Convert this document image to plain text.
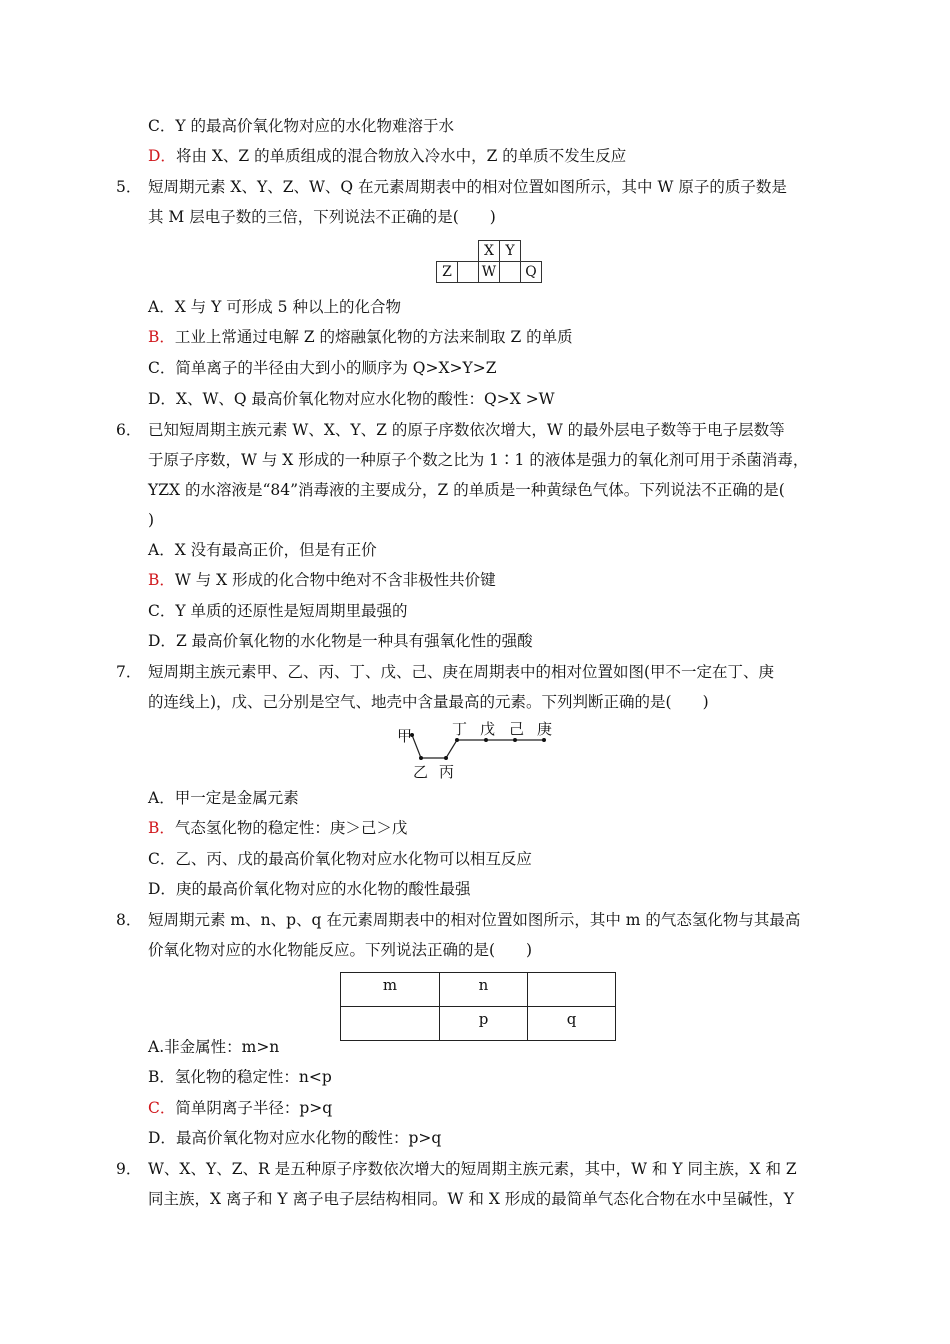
C．Y 的最高价氧化物对应的水化物难溶于水
D．将由 X、Z 的单质组成的混合物放入冷水中，Z 的单质不发生反应
5． 短周期元素 X、Y、Z、W、Q 在元素周期表中的相对位置如图所示，其中 W 原子的质子数是
其 M 层电子数的三倍，下列说法不正确的是(　　)
		X	Y	
Z		W		Q
A．X 与 Y 可形成 5 种以上的化合物
B．工业上常通过电解 Z 的熔融氯化物的方法来制取 Z 的单质
C．简单离子的半径由大到小的顺序为 Q>X>Y>Z
D．X、W、Q 最高价氧化物对应水化物的酸性：Q>X >W
6． 已知短周期主族元素 W、X、Y、Z 的原子序数依次增大，W 的最外层电子数等于电子层数等
于原子序数，W 与 X 形成的一种原子个数之比为 1∶1 的液体是强力的氧化剂可用于杀菌消毒，
YZX 的水溶液是“84”消毒液的主要成分，Z 的单质是一种黄绿色气体。下列说法不正确的是(
)
A．X 没有最高正价，但是有正价
B．W 与 X 形成的化合物中绝对不含非极性共价键
C．Y 单质的还原性是短周期里最强的
D．Z 最高价氧化物的水化物是一种具有强氧化性的强酸
7． 短周期主族元素甲、乙、丙、丁、戊、己、庚在周期表中的相对位置如图(甲不一定在丁、庚
的连线上)，戊、己分别是空气、地壳中含量最高的元素。下列判断正确的是(　　)
甲
乙 丙
丁 戊 己 庚
A．甲一定是金属元素
B．气态氢化物的稳定性：庚＞己＞戊
C．乙、丙、戊的最高价氧化物对应水化物可以相互反应
D．庚的最高价氧化物对应的水化物的酸性最强
8． 短周期元素 m、n、p、q 在元素周期表中的相对位置如图所示，其中 m 的气态氢化物与其最高
价氧化物对应的水化物能反应。下列说法正确的是(　　)
m	n	
	p	q
A.非金属性：m>n
B．氢化物的稳定性：n<p
C．简单阴离子半径：p>q
D．最高价氧化物对应水化物的酸性：p>q
9． W、X、Y、Z、R 是五种原子序数依次增大的短周期主族元素，其中，W 和 Y 同主族，X 和 Z
同主族，X 离子和 Y 离子电子层结构相同。W 和 X 形成的最简单气态化合物在水中呈碱性，Y
